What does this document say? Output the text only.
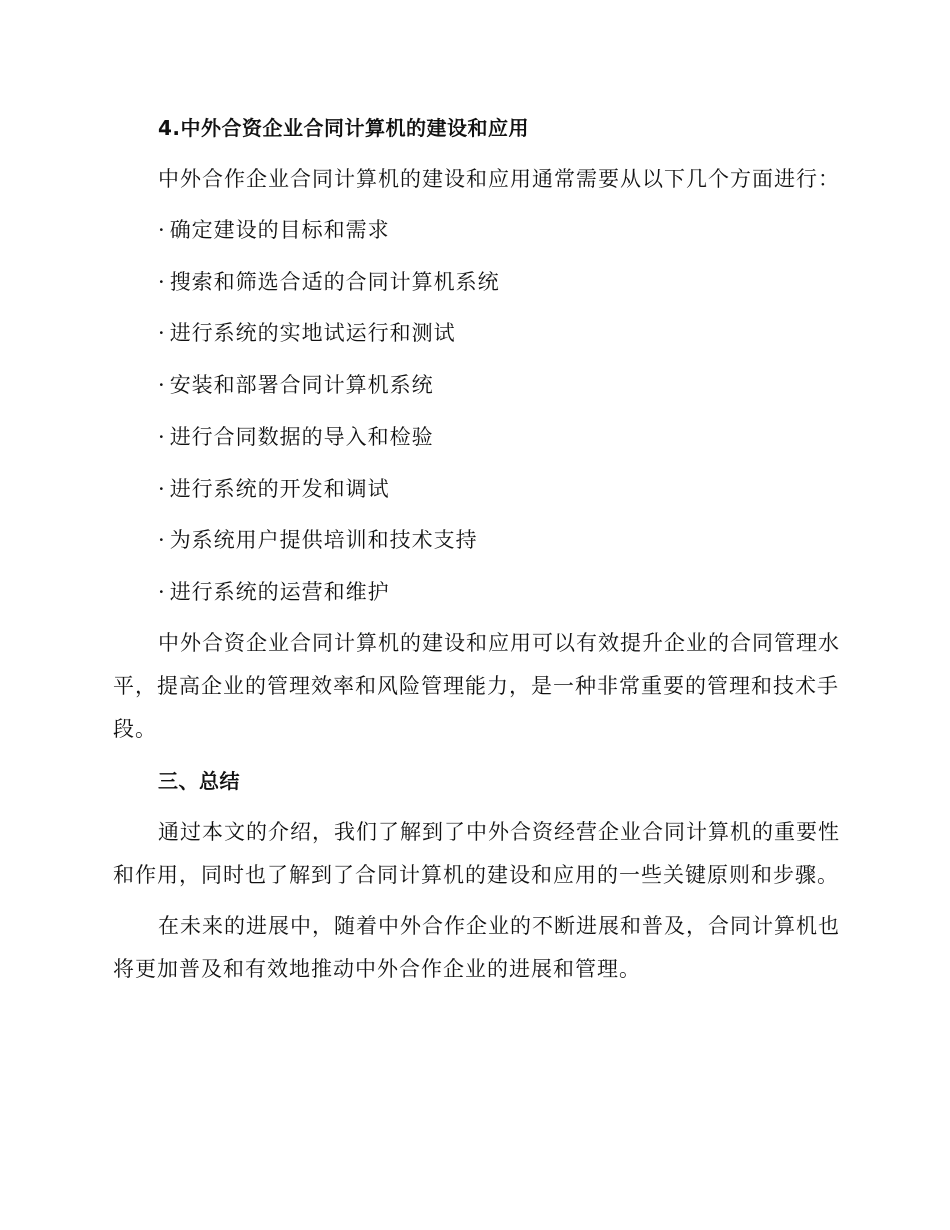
4.中外合资企业合同计算机的建设和应用
中外合作企业合同计算机的建设和应用通常需要从以下几个方面进行：
· 确定建设的目标和需求
· 搜索和筛选合适的合同计算机系统
· 进行系统的实地试运行和测试
· 安装和部署合同计算机系统
· 进行合同数据的导入和检验
· 进行系统的开发和调试
· 为系统用户提供培训和技术支持
· 进行系统的运营和维护
中外合资企业合同计算机的建设和应用可以有效提升企业的合同管理水
平，提高企业的管理效率和风险管理能力，是一种非常重要的管理和技术手
段。
三、总结
通过本文的介绍，我们了解到了中外合资经营企业合同计算机的重要性
和作用，同时也了解到了合同计算机的建设和应用的一些关键原则和步骤。
在未来的进展中，随着中外合作企业的不断进展和普及，合同计算机也
将更加普及和有效地推动中外合作企业的进展和管理。
